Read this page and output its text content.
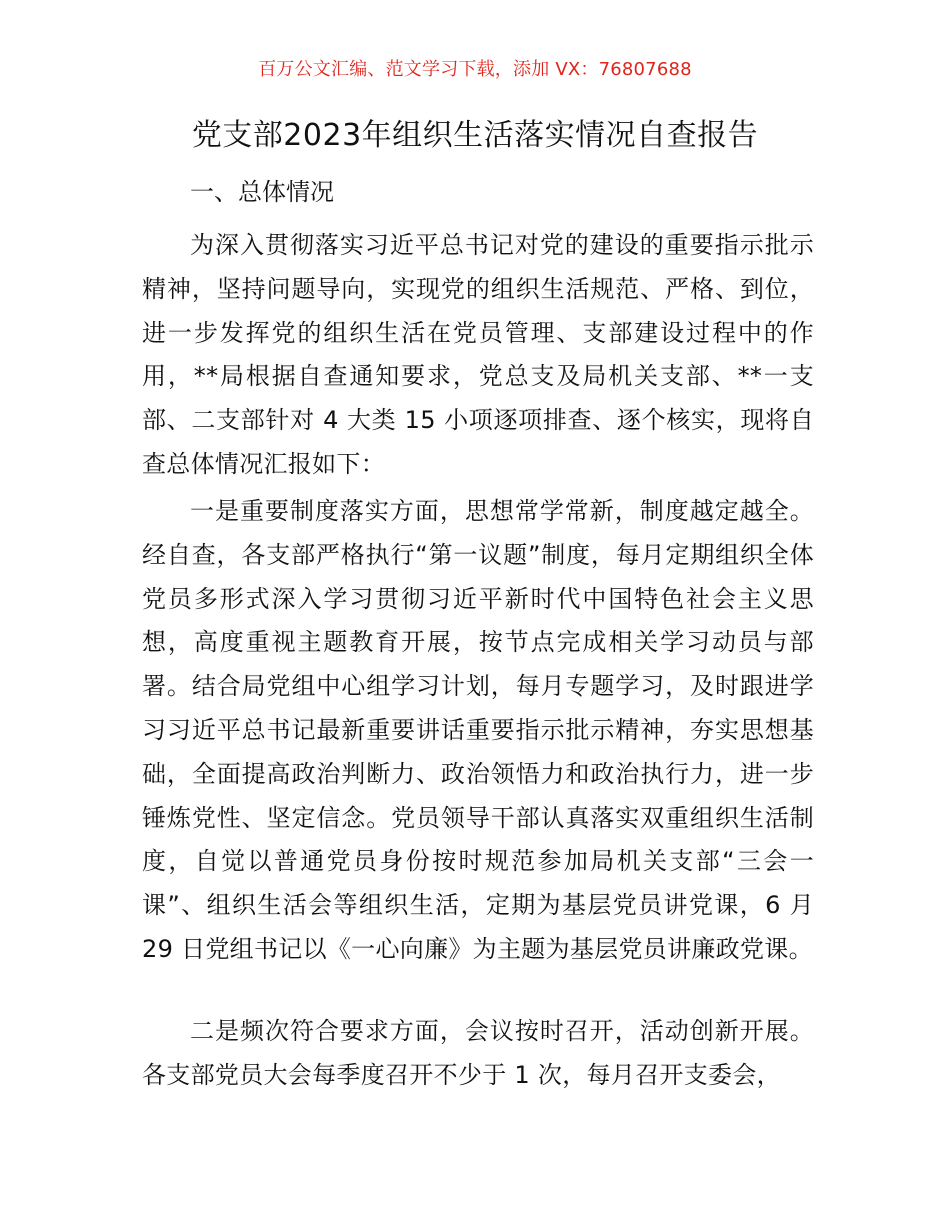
百万公文汇编、范文学习下载，添加 VX：76807688
党支部2023年组织生活落实情况自查报告
一、总体情况

为深入贯彻落实习近平总书记对党的建设的重要指示批示精神，坚持问题导向，实现党的组织生活规范、严格、到位，进一步发挥党的组织生活在党员管理、支部建设过程中的作用，**局根据自查通知要求，党总支及局机关支部、**一支部、二支部针对 4 大类 15 小项逐项排查、逐个核实，现将自查总体情况汇报如下：

一是重要制度落实方面，思想常学常新，制度越定越全。经自查，各支部严格执行“第一议题”制度，每月定期组织全体党员多形式深入学习贯彻习近平新时代中国特色社会主义思想，高度重视主题教育开展，按节点完成相关学习动员与部署。结合局党组中心组学习计划，每月专题学习，及时跟进学习习近平总书记最新重要讲话重要指示批示精神，夯实思想基础，全面提高政治判断力、政治领悟力和政治执行力，进一步锤炼党性、坚定信念。党员领导干部认真落实双重组织生活制度，自觉以普通党员身份按时规范参加局机关支部“三会一课”、组织生活会等组织生活，定期为基层党员讲党课，6 月 29 日党组书记以《一心向廉》为主题为基层党员讲廉政党课。

二是频次符合要求方面，会议按时召开，活动创新开展。各支部党员大会每季度召开不少于 1 次，每月召开支委会，
